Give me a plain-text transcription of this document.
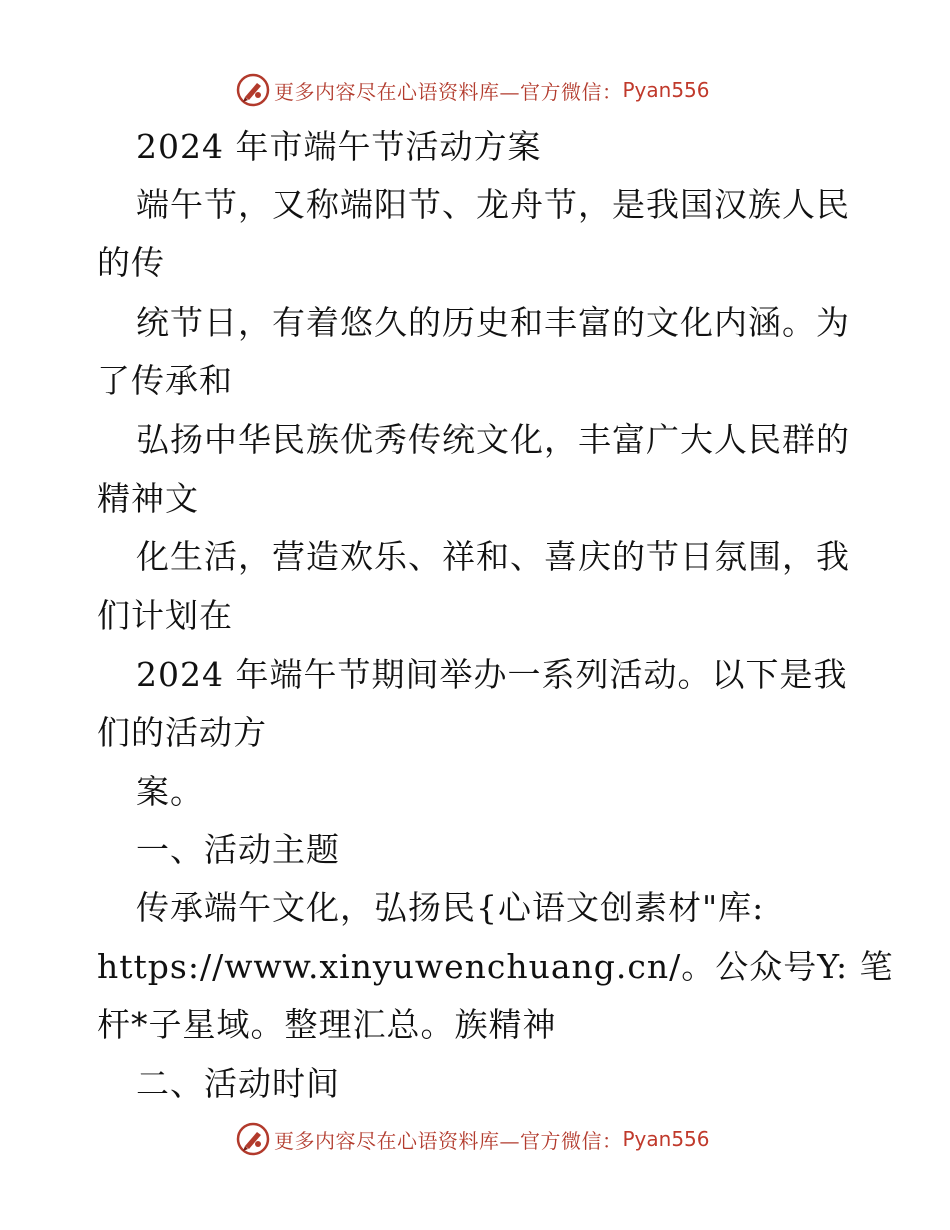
更多内容尽在心语资料库—官方微信： Pyan556
2024 年市端午节活动方案
端午节，又称端阳节、龙舟节，是我国汉族人民
的传
统节日，有着悠久的历史和丰富的文化内涵。为
了传承和
弘扬中华民族优秀传统文化，丰富广大人民群的
精神文
化生活，营造欢乐、祥和、喜庆的节日氛围，我
们计划在
2024 年端午节期间举办一系列活动。以下是我
们的活动方
案。
一、活动主题
传承端午文化，弘扬民{心语文创素材"库:
https://www.xinyuwenchuang.cn/。公众号Y: 笔
杆*子星域。整理汇总。族精神
二、活动时间
更多内容尽在心语资料库—官方微信： Pyan556
